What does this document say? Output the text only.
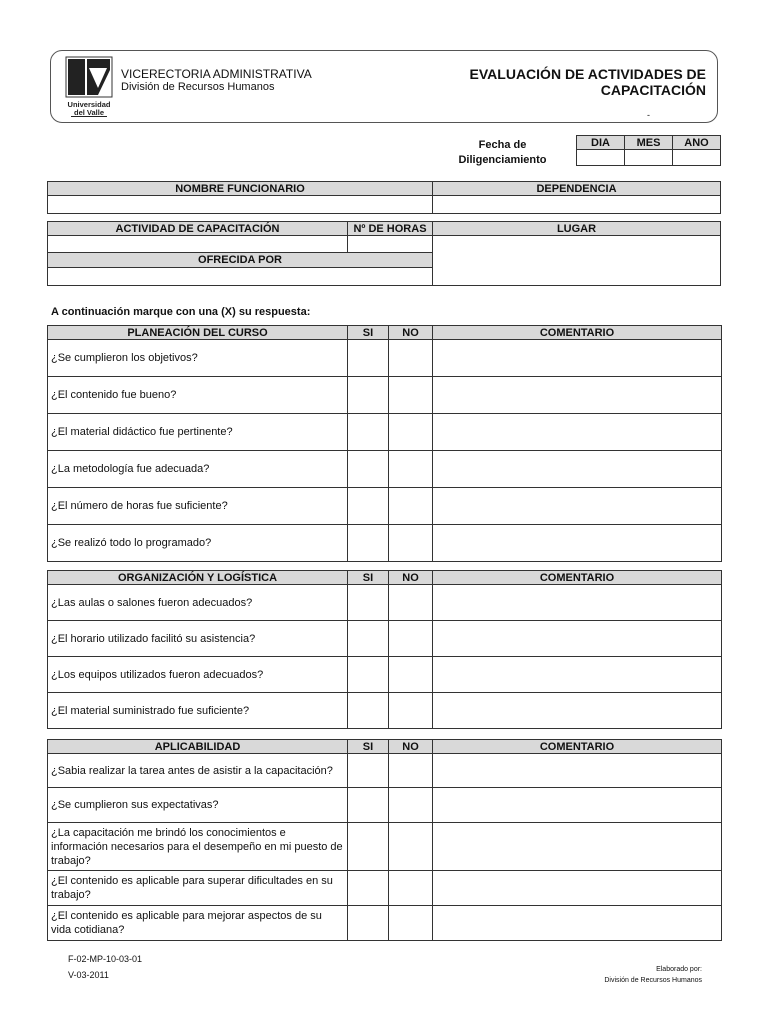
Universidad
del Valle
VICERECTORIA ADMINISTRATIVA
División de Recursos Humanos
EVALUACIÓN DE ACTIVIDADES DE
CAPACITACIÓN
-
Fecha de
Diligenciamiento
DIA	MES	ANO

NOMBRE FUNCIONARIO	DEPENDENCIA

ACTIVIDAD DE CAPACITACIÓN	Nº DE HORAS	LUGAR

OFRECIDA POR		

A continuación marque con una (X) su respuesta:
PLANEACIÓN DEL CURSO	SI	NO	COMENTARIO
¿Se cumplieron los objetivos?			
¿El contenido fue bueno?			
¿El material didáctico fue pertinente?			
¿La metodología fue adecuada?			
¿El número de horas fue suficiente?			
¿Se realizó todo lo programado?			
ORGANIZACIÓN Y LOGÍSTICA	SI	NO	COMENTARIO
¿Las aulas o salones fueron adecuados?			
¿El horario utilizado facilitó su asistencia?			
¿Los equipos utilizados fueron adecuados?			
¿El material suministrado fue suficiente?			
APLICABILIDAD	SI	NO	COMENTARIO
¿Sabia realizar la tarea antes de asistir a la capacitación?			
¿Se cumplieron sus expectativas?			
¿La capacitación me brindó los conocimientos e información necesarios para el desempeño en mi puesto de trabajo?			
¿El contenido es aplicable para superar dificultades en su trabajo?			
¿El contenido es aplicable para mejorar aspectos de su vida cotidiana?			
F-02-MP-10-03-01
V-03-2011
Elaborado por:
División de Recursos Humanos
